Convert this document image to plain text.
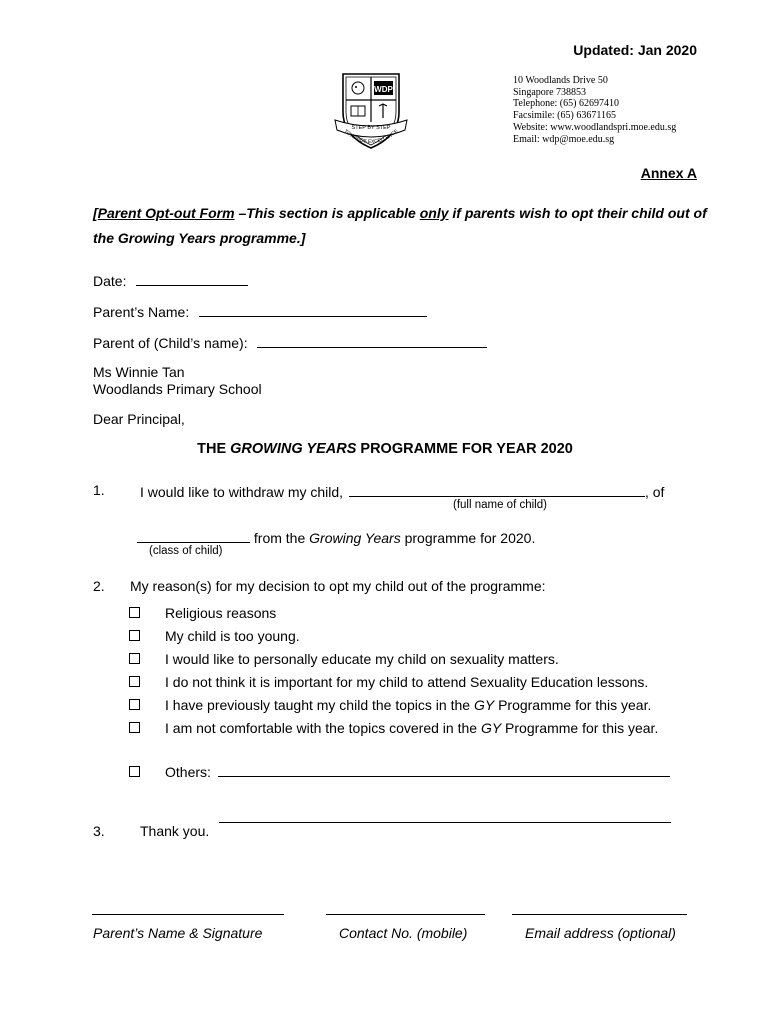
Updated: Jan 2020
WDP
STEP BY STEP
TOWARDS EXCELLENCE
10 Woodlands Drive 50
Singapore 738853
Telephone: (65) 62697410
Facsimile: (65) 63671165
Website: www.woodlandspri.moe.edu.sg
Email: wdp@moe.edu.sg
Annex A
[Parent Opt-out Form –This section is applicable only if parents wish to opt their child out of the Growing Years programme.]
Date:
Parent’s Name:
Parent of (Child’s name):
Ms Winnie Tan
Woodlands Primary School
Dear Principal,
THE GROWING YEARS PROGRAMME FOR YEAR 2020
1.	I would like to withdraw my child,	, of
(full name of child)
from the Growing Years programme for 2020.
(class of child)
2. My reason(s) for my decision to opt my child out of the programme:
Religious reasons
My child is too young.
I would like to personally educate my child on sexuality matters.
I do not think it is important for my child to attend Sexuality Education lessons.
I have previously taught my child the topics in the GY Programme for this year.
I am not comfortable with the topics covered in the GY Programme for this year.
Others:
3.	Thank you.
Parent’s Name & Signature	Contact No. (mobile)	Email address (optional)
